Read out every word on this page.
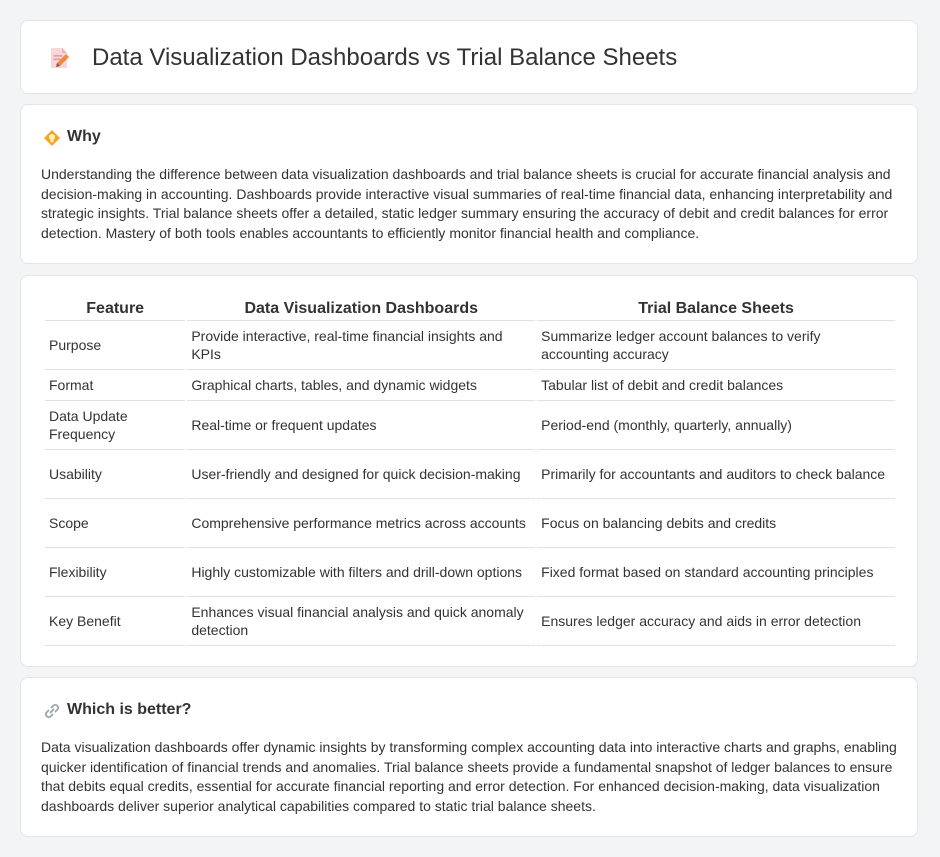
Data Visualization Dashboards vs Trial Balance Sheets
Why

Understanding the difference between data visualization dashboards and trial balance sheets is crucial for accurate financial analysis and decision-making in accounting. Dashboards provide interactive visual summaries of real-time financial data, enhancing interpretability and strategic insights. Trial balance sheets offer a detailed, static ledger summary ensuring the accuracy of debit and credit balances for error detection. Mastery of both tools enables accountants to efficiently monitor financial health and compliance.

Feature	Data Visualization Dashboards	Trial Balance Sheets
Purpose	Provide interactive, real-time financial insights and KPIs	Summarize ledger account balances to verify accounting accuracy
Format	Graphical charts, tables, and dynamic widgets	Tabular list of debit and credit balances
Data Update Frequency	Real-time or frequent updates	Period-end (monthly, quarterly, annually)
Usability	User-friendly and designed for quick decision-making	Primarily for accountants and auditors to check balance
Scope	Comprehensive performance metrics across accounts	Focus on balancing debits and credits
Flexibility	Highly customizable with filters and drill-down options	Fixed format based on standard accounting principles
Key Benefit	Enhances visual financial analysis and quick anomaly detection	Ensures ledger accuracy and aids in error detection
Which is better?

Data visualization dashboards offer dynamic insights by transforming complex accounting data into interactive charts and graphs, enabling quicker identification of financial trends and anomalies. Trial balance sheets provide a fundamental snapshot of ledger balances to ensure that debits equal credits, essential for accurate financial reporting and error detection. For enhanced decision-making, data visualization dashboards deliver superior analytical capabilities compared to static trial balance sheets.
